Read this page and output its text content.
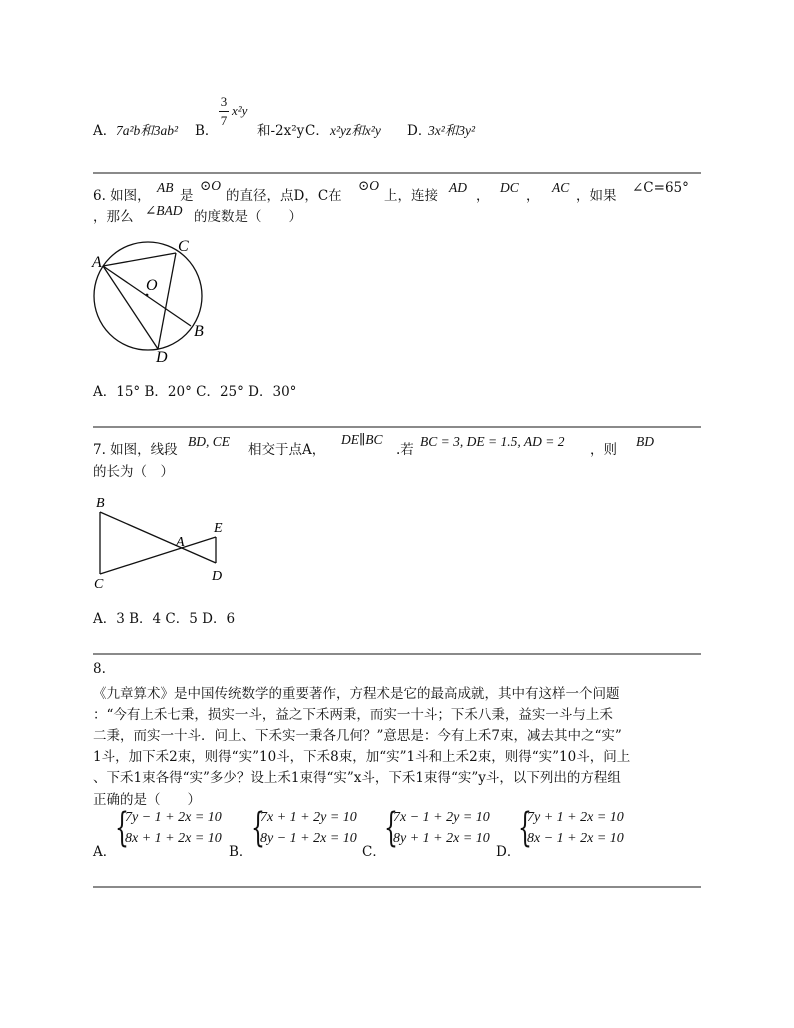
A． 7a²b和3ab² B．
3
7
x²y
和-2x²y C． x²yz和x²y D．
3x²和3y²
6. 如图，
AB
是
⊙O
的直径，点D，C在
⊙O
上，连接
AD
，
DC
，
AC
，如果 ∠C=65°
，那么 ∠BAD 的度数是（　　）
A
C
O
B
D
A．15° B．20° C．25° D．30°
7. 如图，线段
BD, CE
相交于点A，
DE∥BC
.若
BC = 3, DE = 1.5, AD = 2
，则
BD
的长为（　）
B
E
A
C
D
A．3 B．4 C．5 D．6
8.
《九章算术》是中国传统数学的重要著作，方程术是它的最高成就，其中有这样一个问题
：“今有上禾七秉，损实一斗，益之下禾两秉，而实一十斗；下禾八秉，益实一斗与上禾
二秉，而实一十斗．问上、下禾实一秉各几何？”意思是：今有上禾7束，减去其中之“实”
1斗，加下禾2束，则得“实”10斗，下禾8束，加“实”1斗和上禾2束，则得“实”10斗，问上
、下禾1束各得“实”多少？设上禾1束得“实”x斗，下禾1束得“实”y斗，以下列出的方程组
正确的是（　　）
A．
{
7y − 1 + 2x = 10
8x + 1 + 2x = 10
B．
{
7x + 1 + 2y = 10
8y − 1 + 2x = 10
C．
{
7x − 1 + 2y = 10
8y + 1 + 2x = 10
D．
{
7y + 1 + 2x = 10
8x − 1 + 2x = 10
